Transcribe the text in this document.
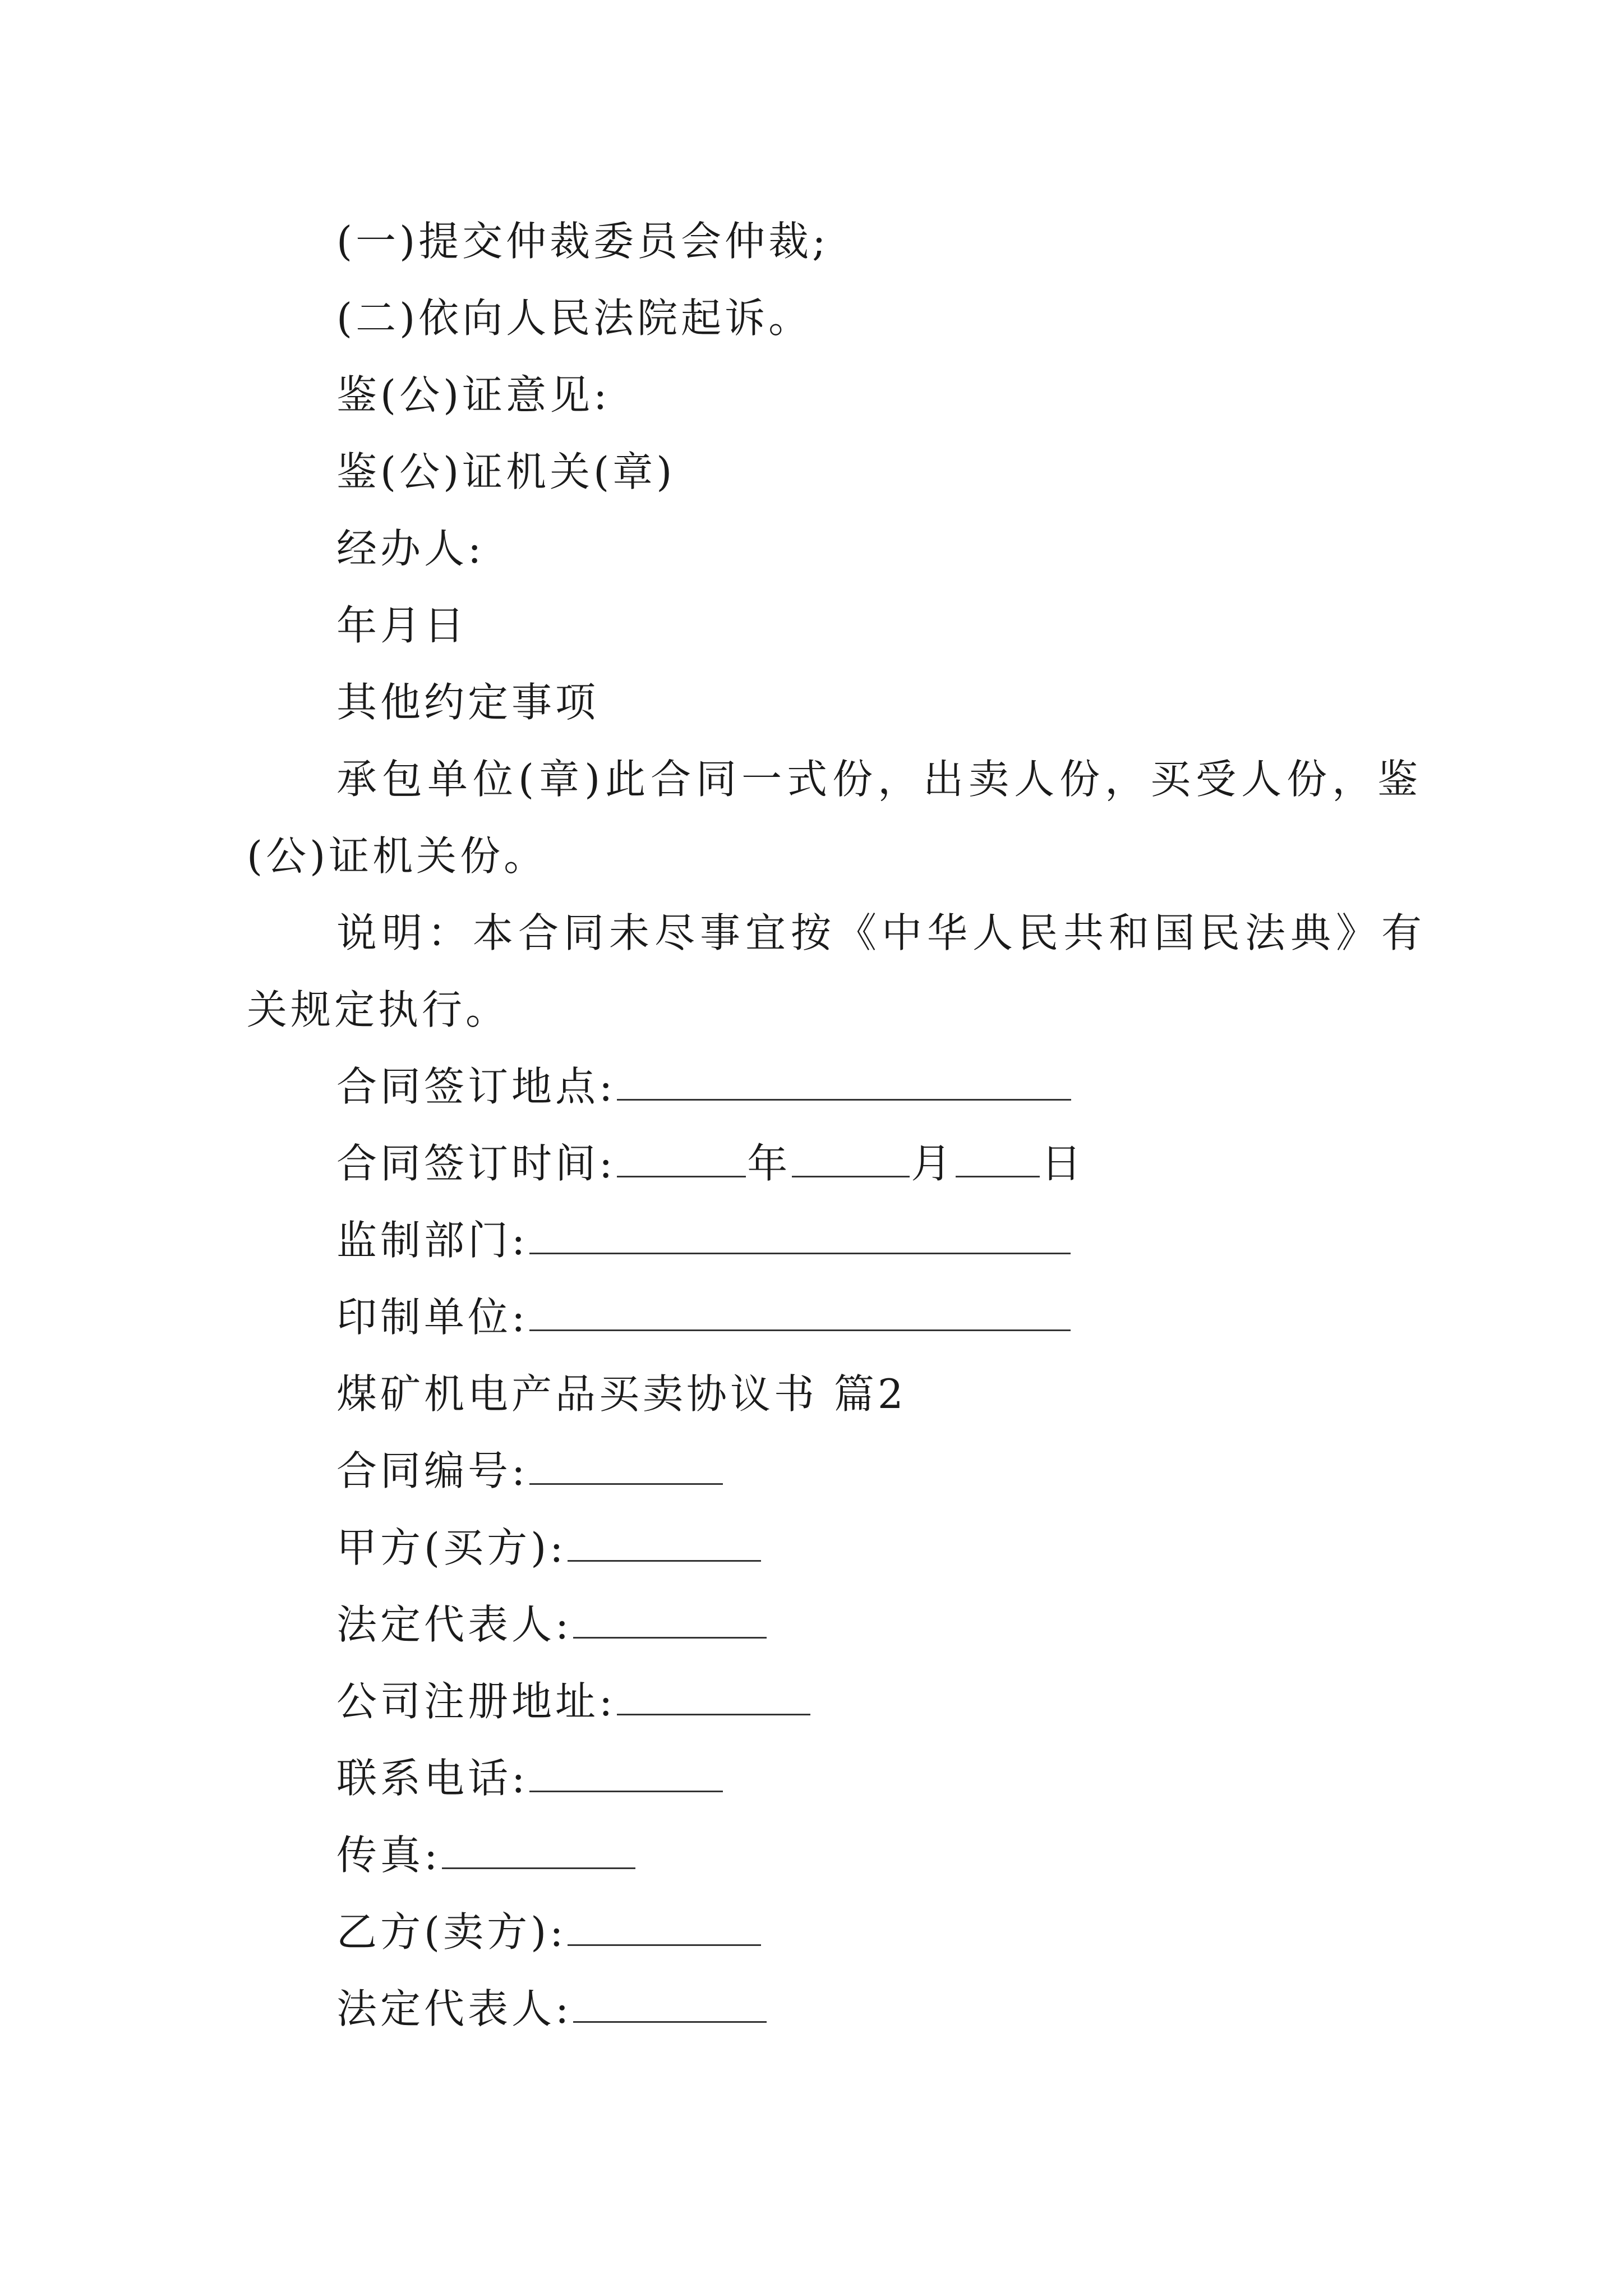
(一)提交仲裁委员会仲裁;
(二)依向人民法院起诉。
鉴(公)证意见:
鉴(公)证机关(章)
经办人:
年月日
其他约定事项
承包单位(章)此合同一式份，出卖人份，买受人份，鉴
(公)证机关份。
说明：本合同未尽事宜按《中华人民共和国民法典》有
关规定执行。
合同签订地点:
合同签订时间:	年	月 日
监制部门:
印制单位:
煤矿机电产品买卖协议书 篇2
合同编号:
甲方(买方):
法定代表人:
公司注册地址:
联系电话:
传真:
乙方(卖方):
法定代表人:
